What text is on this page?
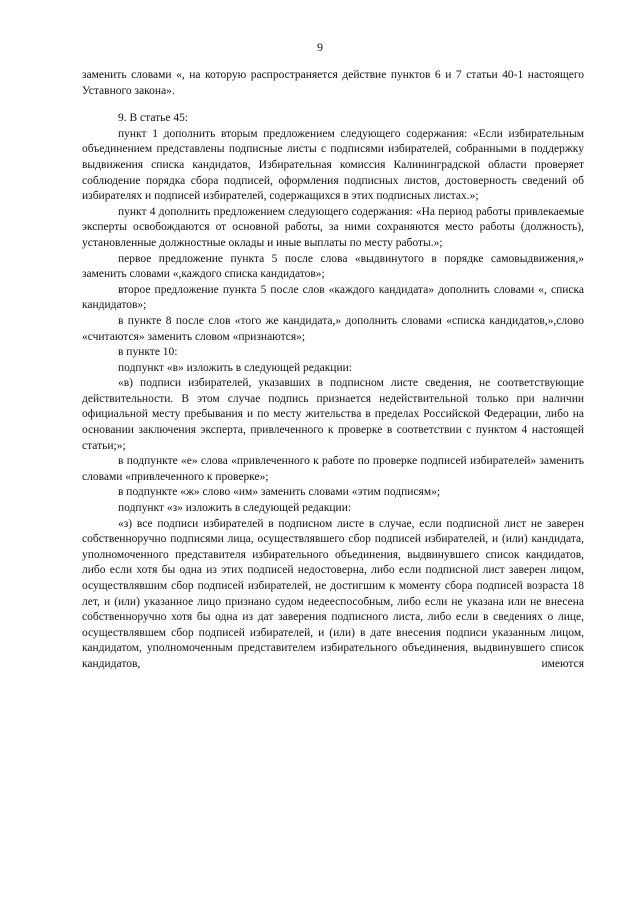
9

заменить словами «, на которую распространяется действие пунктов 6 и 7 статьи 40-1 настоящего Уставного закона».

9. В статье 45:

пункт 1 дополнить вторым предложением следующего содержания: «Если избирательным объединением представлены подписные листы с подписями избирателей, собранными в поддержку выдвижения списка кандидатов, Избирательная комиссия Калининградской области проверяет соблюдение порядка сбора подписей, оформления подписных листов, достоверность сведений об избирателях и подписей избирателей, содержащихся в этих подписных листах.»;

пункт 4 дополнить предложением следующего содержания: «На период работы привлекаемые эксперты освобождаются от основной работы, за ними сохраняются место работы (должность), установленные должностные оклады и иные выплаты по месту работы.»;

первое предложение пункта 5 после слова «выдвинутого в порядке самовыдвижения,» заменить словами «,каждого списка кандидатов»;

второе предложение пункта 5 после слов «каждого кандидата» дополнить словами «, списка кандидатов»;

в пункте 8 после слов «того же кандидата,» дополнить словами «списка кандидатов,»,слово «считаются» заменить словом «признаются»;

в пункте 10:

подпункт «в» изложить в следующей редакции:

«в) подписи избирателей, указавших в подписном листе сведения, не соответствующие действительности. В этом случае подпись признается недействительной только при наличии официальной месту пребывания и по месту жительства в пределах Российской Федерации, либо на основании заключения эксперта, привлеченного к проверке в соответствии с пунктом 4 настоящей статьи;»;

в подпункте «е» слова «привлеченного к работе по проверке подписей избирателей» заменить словами «привлеченного к проверке»;

в подпункте «ж» слово «им» заменить словами «этим подписям»;

подпункт «з» изложить в следующей редакции:

«з) все подписи избирателей в подписном листе в случае, если подписной лист не заверен собственноручно подписями лица, осуществлявшего сбор подписей избирателей, и (или) кандидата, уполномоченного представителя избирательного объединения, выдвинувшего список кандидатов, либо если хотя бы одна из этих подписей недостоверна, либо если подписной лист заверен лицом, осуществлявшим сбор подписей избирателей, не достигшим к моменту сбора подписей возраста 18 лет, и (или) указанное лицо признано судом недееспособным, либо если не указана или не внесена собственноручно хотя бы одна из дат заверения подписного листа, либо если в сведениях о лице, осуществлявшем сбор подписей избирателей, и (или) в дате внесения подписи указанным лицом, кандидатом, уполномоченным представителем избирательного объединения, выдвинувшего список кандидатов, имеются
